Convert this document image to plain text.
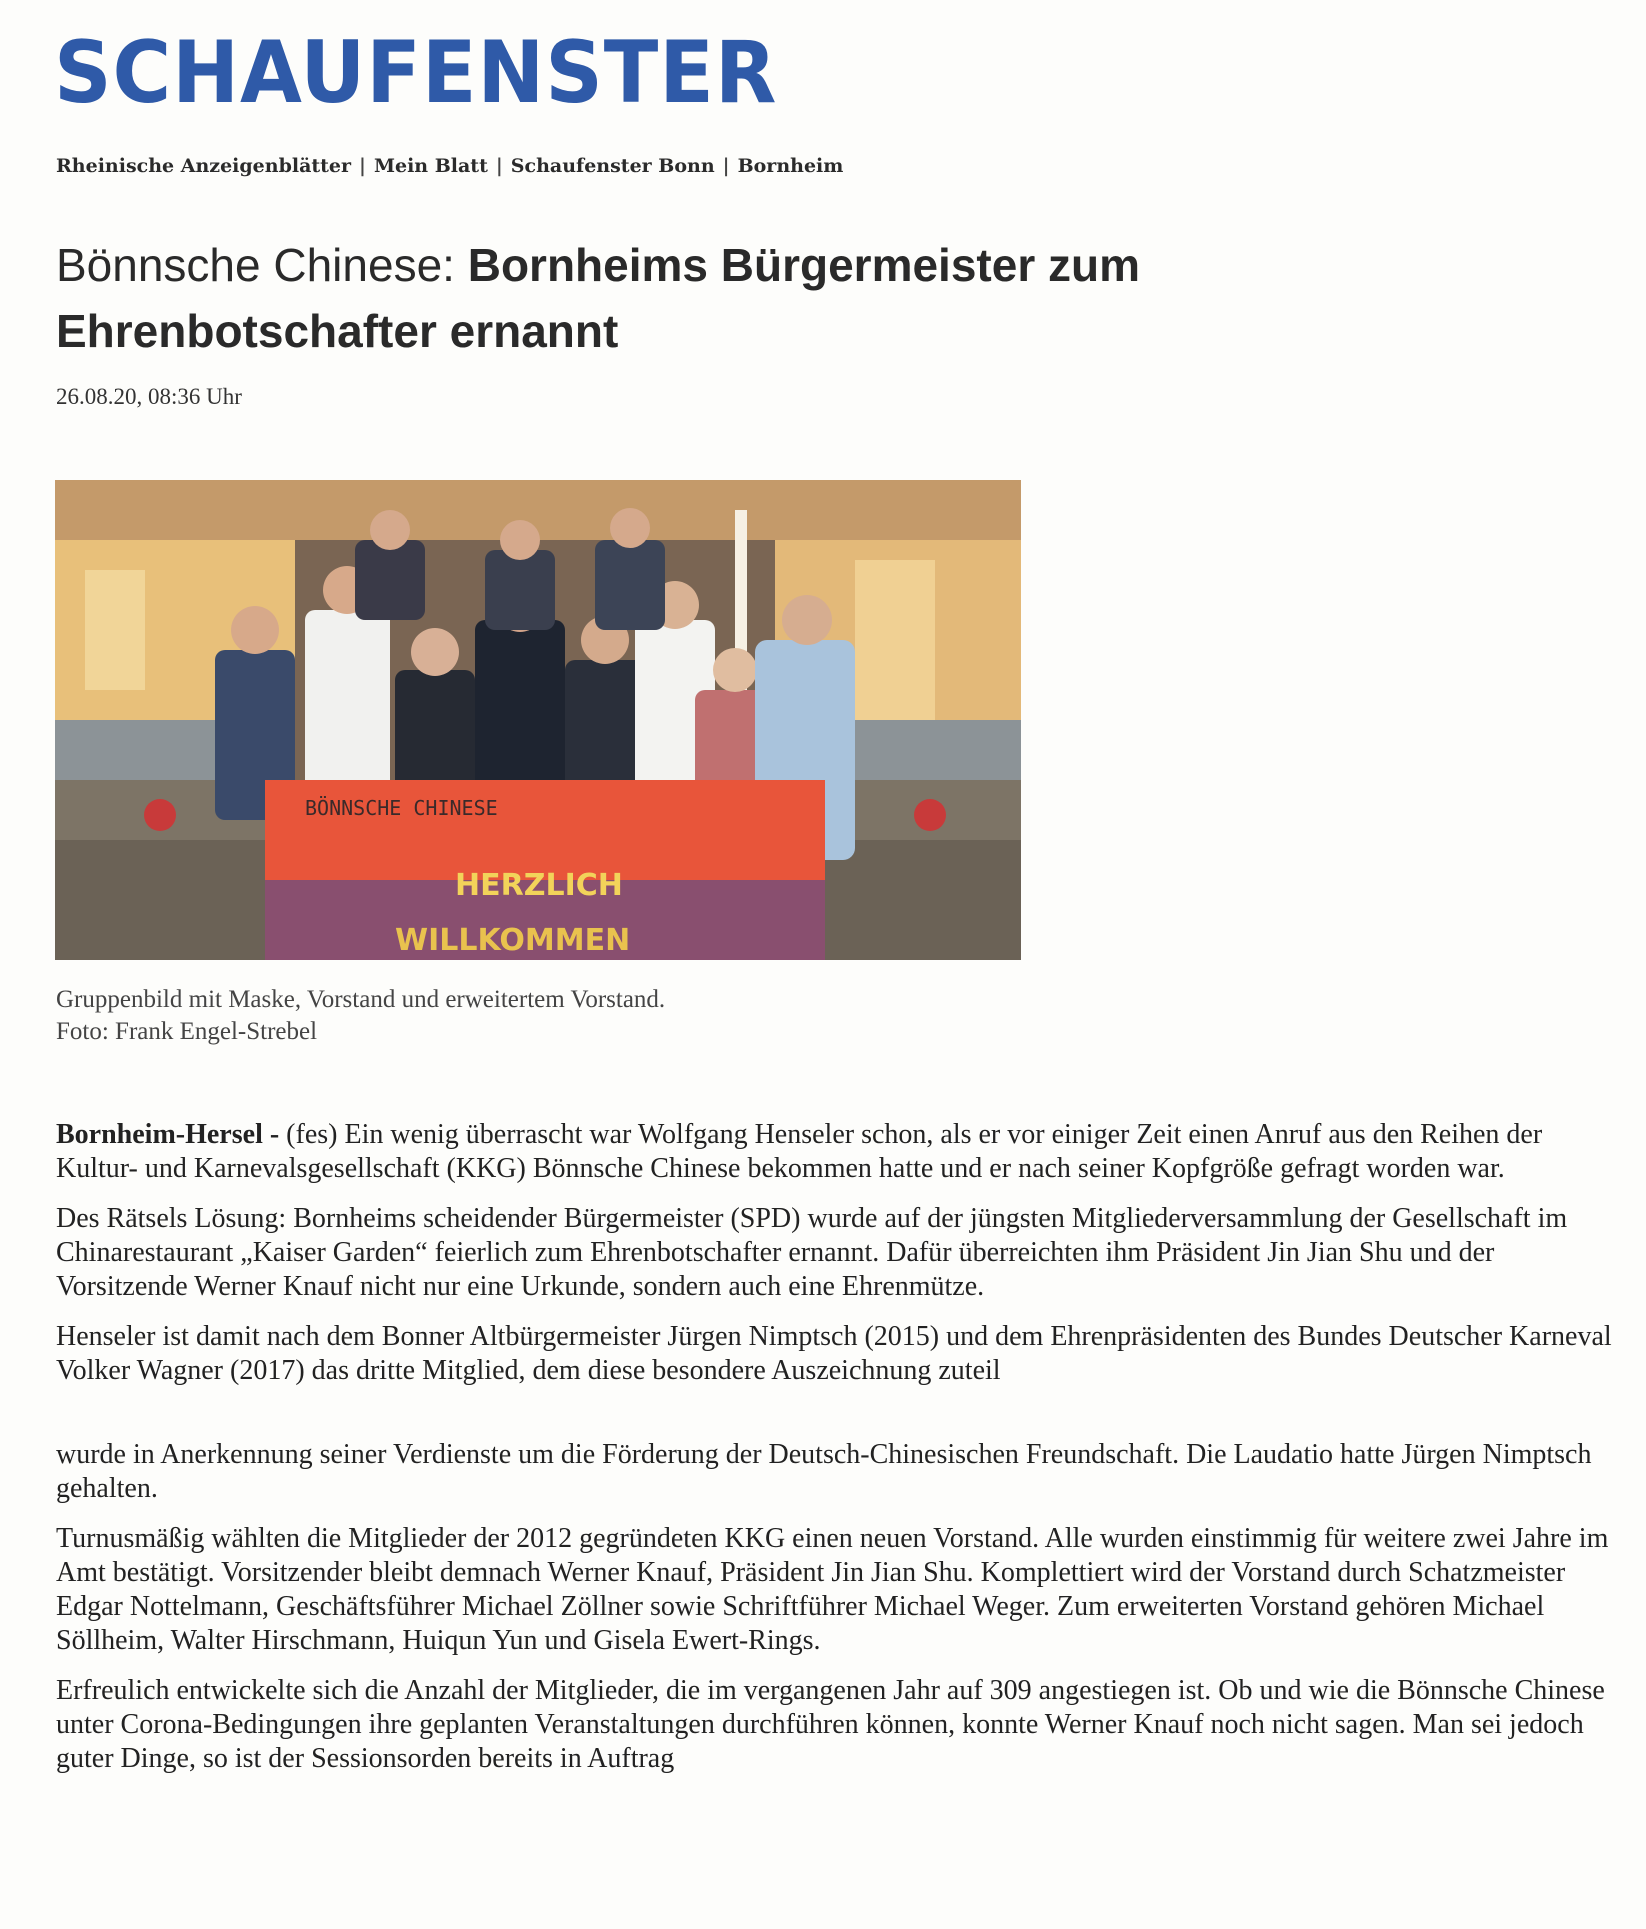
SCHAUFENSTER
Rheinische Anzeigenblätter | Mein Blatt | Schaufenster Bonn | Bornheim
Bönnsche Chinese: Bornheims Bürgermeister zum Ehrenbotschafter ernannt
26.08.20, 08:36 Uhr
BÖNNSCHE CHINESE
HERZLICH
WILLKOMMEN
Gruppenbild mit Maske, Vorstand und erweitertem Vorstand.
Foto: Frank Engel-Strebel

Bornheim-Hersel - (fes) Ein wenig überrascht war Wolfgang Henseler schon, als er vor einiger Zeit einen Anruf aus den Reihen der Kultur- und Karnevalsgesellschaft (KKG) Bönnsche Chinese bekommen hatte und er nach seiner Kopfgröße gefragt worden war.

Des Rätsels Lösung: Bornheims scheidender Bürgermeister (SPD) wurde auf der jüngsten Mitgliederversammlung der Gesellschaft im Chinarestaurant „Kaiser Garden“ feierlich zum Ehrenbotschafter ernannt. Dafür überreichten ihm Präsident Jin Jian Shu und der Vorsitzende Werner Knauf nicht nur eine Urkunde, sondern auch eine Ehrenmütze.

Henseler ist damit nach dem Bonner Altbürgermeister Jürgen Nimptsch (2015) und dem Ehrenpräsidenten des Bundes Deutscher Karneval Volker Wagner (2017) das dritte Mitglied, dem diese besondere Auszeichnung zuteil

wurde in Anerkennung seiner Verdienste um die Förderung der Deutsch-Chinesischen Freundschaft. Die Laudatio hatte Jürgen Nimptsch gehalten.

Turnusmäßig wählten die Mitglieder der 2012 gegründeten KKG einen neuen Vorstand. Alle wurden einstimmig für weitere zwei Jahre im Amt bestätigt. Vorsitzender bleibt demnach Werner Knauf, Präsident Jin Jian Shu. Komplettiert wird der Vorstand durch Schatzmeister Edgar Nottelmann, Geschäftsführer Michael Zöllner sowie Schriftführer Michael Weger. Zum erweiterten Vorstand gehören Michael Söllheim, Walter Hirschmann, Huiqun Yun und Gisela Ewert-Rings.

Erfreulich entwickelte sich die Anzahl der Mitglieder, die im vergangenen Jahr auf 309 angestiegen ist. Ob und wie die Bönnsche Chinese unter Corona-Bedingungen ihre geplanten Veranstaltungen durchführen können, konnte Werner Knauf noch nicht sagen. Man sei jedoch guter Dinge, so ist der Sessionsorden bereits in Auftrag
